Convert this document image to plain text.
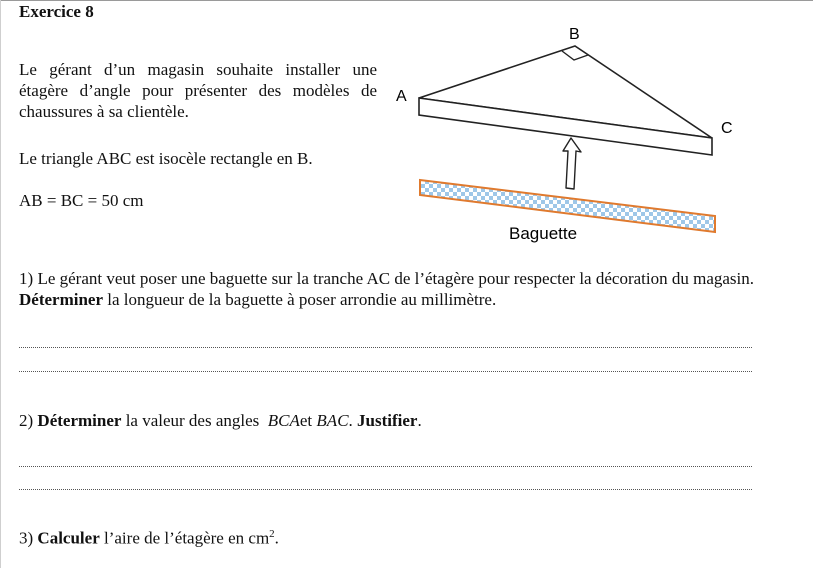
Exercice 8
Le gérant d’un magasin souhaite installer une étagère d’angle pour présenter des modèles de chaussures à sa clientèle.
Le triangle ABC est isocèle rectangle en B.
AB = BC = 50 cm
B
A
C
Baguette
1) Le gérant veut poser une baguette sur la tranche AC de l’étagère pour respecter la décoration du magasin. Déterminer la longueur de la baguette à poser arrondie au millimètre.
2) Déterminer la valeur des angles BCAet BAC. Justifier.
3) Calculer l’aire de l’étagère en $cm^2$.
